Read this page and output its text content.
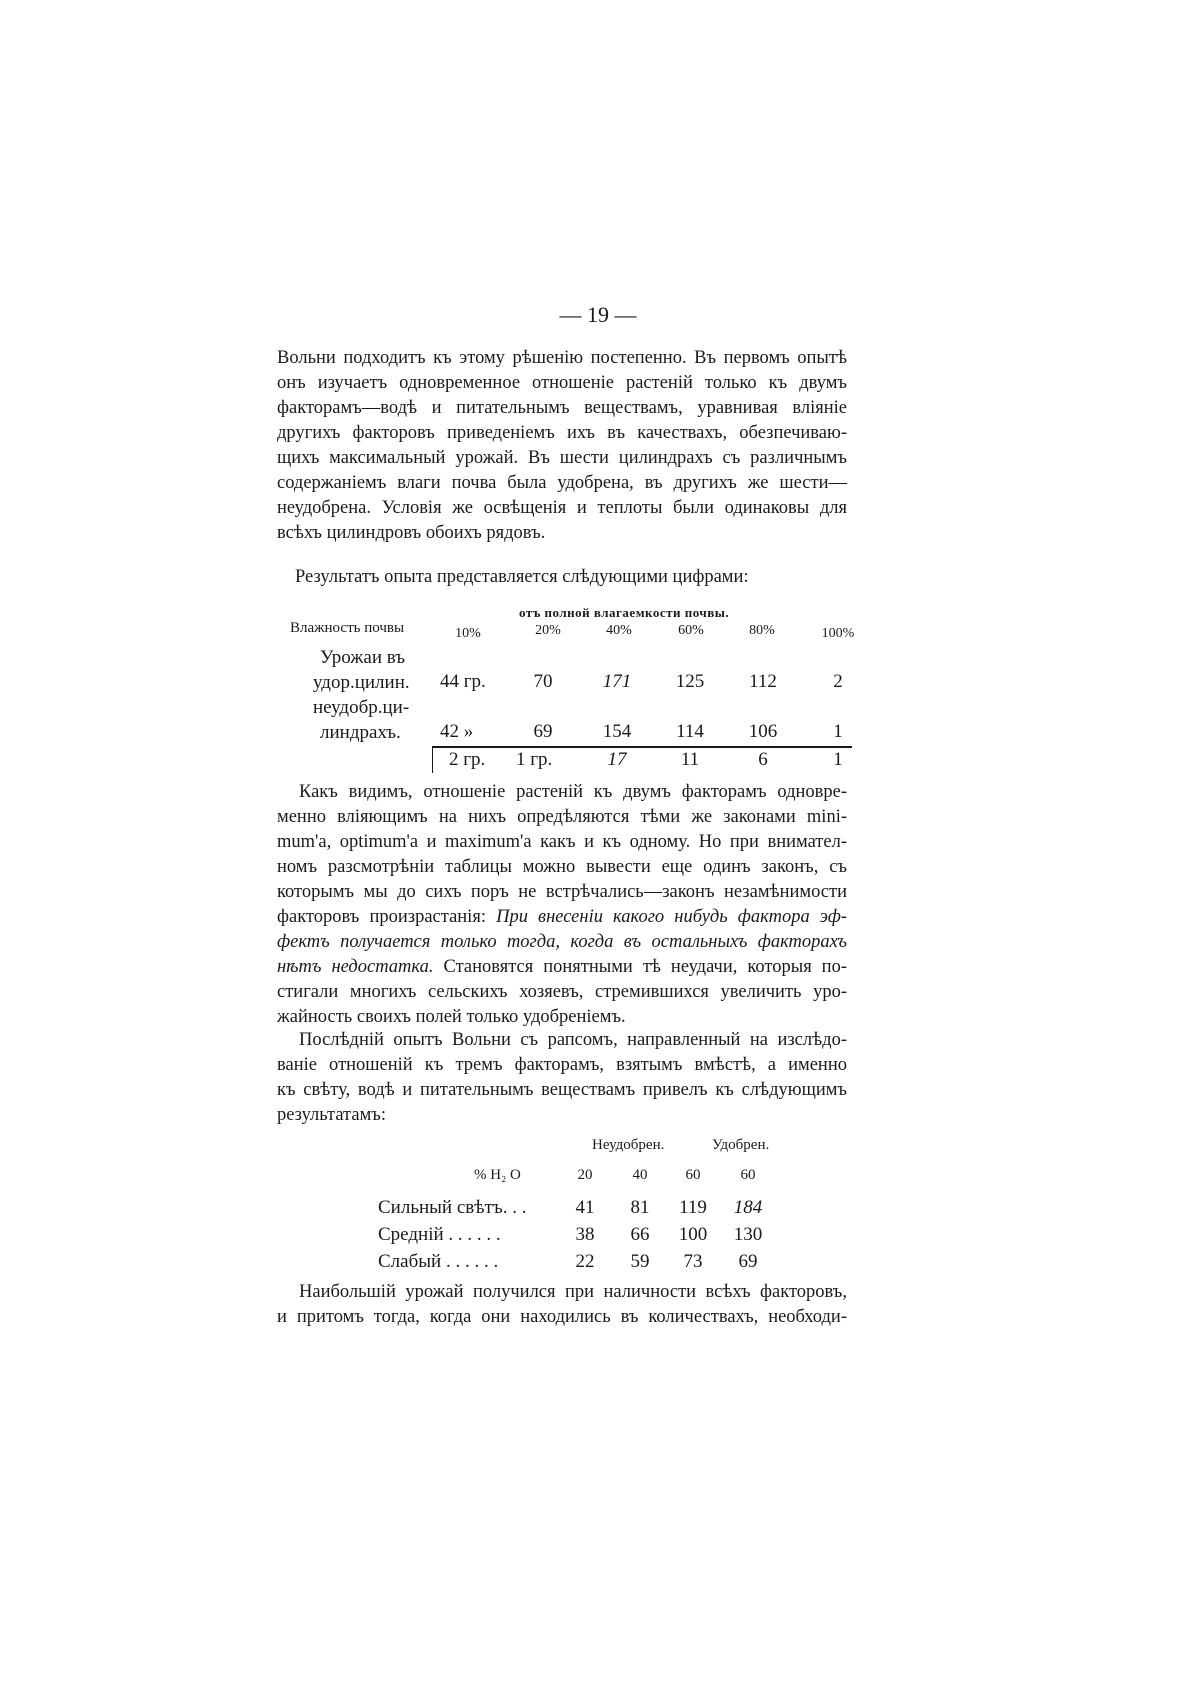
— 19 —
Вольни подходитъ къ этому рѣшенію постепенно. Въ первомъ опытѣ
онъ изучаетъ одновременное отношеніе растеній только къ двумъ
факторамъ—водѣ и питательнымъ веществамъ, уравнивая вліяніе
другихъ факторовъ приведеніемъ ихъ въ качествахъ, обезпечиваю-
щихъ максимальный урожай. Въ шести цилиндрахъ съ различнымъ
содержаніемъ влаги почва была удобрена, въ другихъ же шести—
неудобрена. Условія же освѣщенія и теплоты были одинаковы для
всѣхъ цилиндровъ обоихъ рядовъ.
Результатъ опыта представляется слѣдующими цифрами:
отъ полной влагаемкости почвы.
Влажность почвы	10%	20%	40%	60%	80%	100%
Урожаи въ
удор.цилин.
неудобр.ци-
линдрахъ.
44 гр.	70	171	125	112	2
42 »	69	154	114	106	1
2 гр. 1 гр.	17	11	6	1
Какъ видимъ, отношеніе растеній къ двумъ факторамъ одновре-
менно вліяющимъ на нихъ опредѣляются тѣми же законами mini-
mum'а, optimum'а и maximum'а какъ и къ одному. Но при внимател-
номъ разсмотрѣніи таблицы можно вывести еще одинъ законъ, съ
которымъ мы до сихъ поръ не встрѣчались—законъ незамѣнимости
факторовъ произрастанія: При внесеніи какого нибудь фактора эф-
фектъ получается только тогда, когда въ остальныхъ факторахъ
нѣтъ недостатка. Становятся понятными тѣ неудачи, которыя по-
стигали многихъ сельскихъ хозяевъ, стремившихся увеличить уро-
жайность своихъ полей только удобреніемъ.
Послѣдній опытъ Вольни съ рапсомъ, направленный на изслѣдо-
ваніе отношеній къ тремъ факторамъ, взятымъ вмѣстѣ, а именно
къ свѣту, водѣ и питательнымъ веществамъ привелъ къ слѣдующимъ
результатамъ:
Неудобрен.	Удобрен.
% H₂ O	20	40	60	60
Сильный свѣтъ. . .	41	81	119	184
Средній . . . . . .	38	66	100	130
Слабый . . . . . .	22	59	73	69
Наибольшій урожай получился при наличности всѣхъ факторовъ,
и притомъ тогда, когда они находились въ количествахъ, необходи-
